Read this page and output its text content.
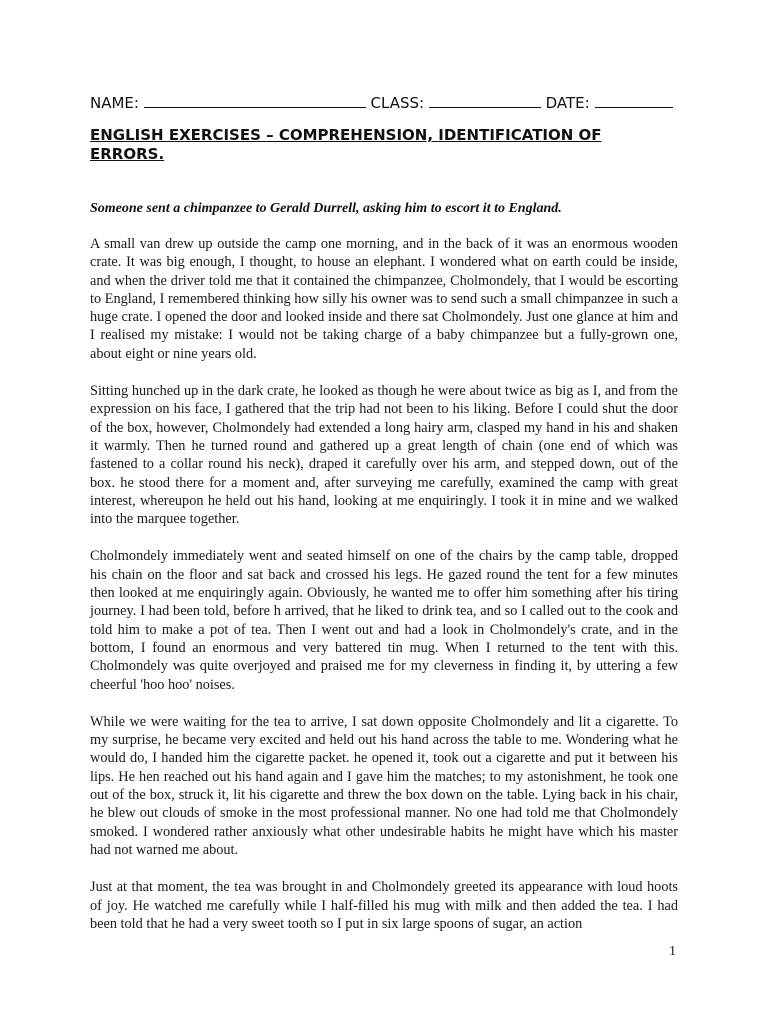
NAME:	CLASS:	DATE:
ENGLISH EXERCISES – COMPREHENSION, IDENTIFICATION OF ERRORS.

Someone sent a chimpanzee to Gerald Durrell, asking him to escort it to England.

A small van drew up outside the camp one morning, and in the back of it was an enormous wooden crate. It was big enough, I thought, to house an elephant. I wondered what on earth could be inside, and when the driver told me that it contained the chimpanzee, Cholmondely, that I would be escorting to England, I remembered thinking how silly his owner was to send such a small chimpanzee in such a huge crate. I opened the door and looked inside and there sat Cholmondely. Just one glance at him and I realised my mistake: I would not be taking charge of a baby chimpanzee but a fully-grown one, about eight or nine years old.

Sitting hunched up in the dark crate, he looked as though he were about twice as big as I, and from the expression on his face, I gathered that the trip had not been to his liking. Before I could shut the door of the box, however, Cholmondely had extended a long hairy arm, clasped my hand in his and shaken it warmly. Then he turned round and gathered up a great length of chain (one end of which was fastened to a collar round his neck), draped it carefully over his arm, and stepped down, out of the box. he stood there for a moment and, after surveying me carefully, examined the camp with great interest, whereupon he held out his hand, looking at me enquiringly. I took it in mine and we walked into the marquee together.

Cholmondely immediately went and seated himself on one of the chairs by the camp table, dropped his chain on the floor and sat back and crossed his legs. He gazed round the tent for a few minutes then looked at me enquiringly again. Obviously, he wanted me to offer him something after his tiring journey. I had been told, before h arrived, that he liked to drink tea, and so I called out to the cook and told him to make a pot of tea. Then I went out and had a look in Cholmondely's crate, and in the bottom, I found an enormous and very battered tin mug. When I returned to the tent with this. Cholmondely was quite overjoyed and praised me for my cleverness in finding it, by uttering a few cheerful 'hoo hoo' noises.

While we were waiting for the tea to arrive, I sat down opposite Cholmondely and lit a cigarette. To my surprise, he became very excited and held out his hand across the table to me. Wondering what he would do, I handed him the cigarette packet. he opened it, took out a cigarette and put it between his lips. He hen reached out his hand again and I gave him the matches; to my astonishment, he took one out of the box, struck it, lit his cigarette and threw the box down on the table. Lying back in his chair, he blew out clouds of smoke in the most professional manner. No one had told me that Cholmondely smoked. I wondered rather anxiously what other undesirable habits he might have which his master had not warned me about.

Just at that moment, the tea was brought in and Cholmondely greeted its appearance with loud hoots of joy. He watched me carefully while I half-filled his mug with milk and then added the tea. I had been told that he had a very sweet tooth so I put in six large spoons of sugar, an action

1
